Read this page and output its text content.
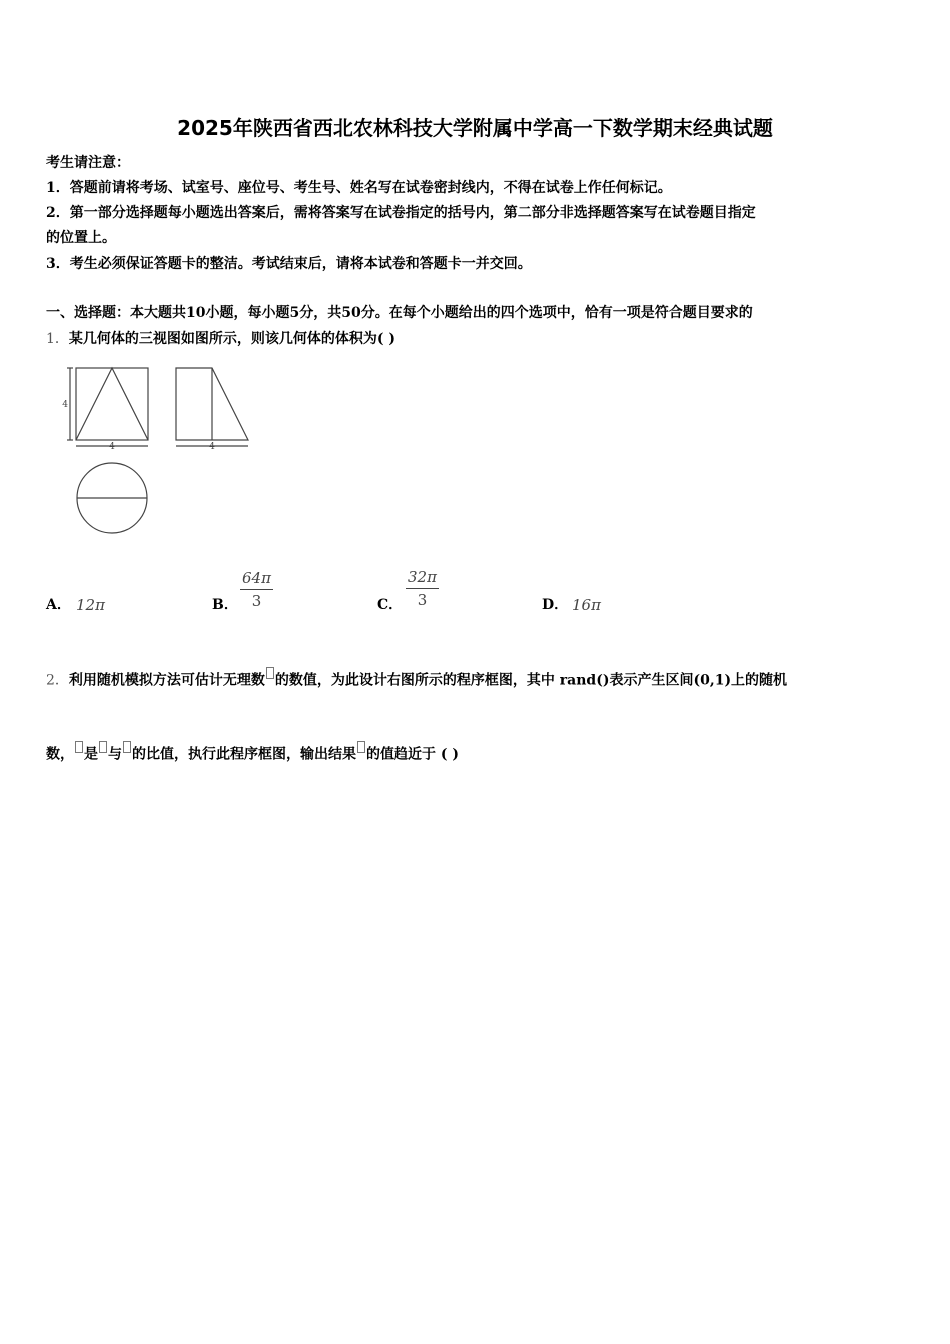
2025年陕西省西北农林科技大学附属中学高一下数学期末经典试题
考生请注意：
1．答题前请将考场、试室号、座位号、考生号、姓名写在试卷密封线内，不得在试卷上作任何标记。
2．第一部分选择题每小题选出答案后，需将答案写在试卷指定的括号内，第二部分非选择题答案写在试卷题目指定
的位置上。
3．考生必须保证答题卡的整洁。考试结束后，请将本试卷和答题卡一并交回。
一、选择题：本大题共10小题，每小题5分，共50分。在每个小题给出的四个选项中，恰有一项是符合题目要求的
1．某几何体的三视图如图所示，则该几何体的体积为( )
4
4	4
A． 12π	B．
64π
3	C．
32π
3	D． 16π
2．利用随机模拟方法可估计无理数 的数值，为此设计右图所示的程序框图，其中 rand()表示产生区间(0,1)上的随机
数， 是 与 的比值，执行此程序框图，输出结果 的值趋近于 ( )
